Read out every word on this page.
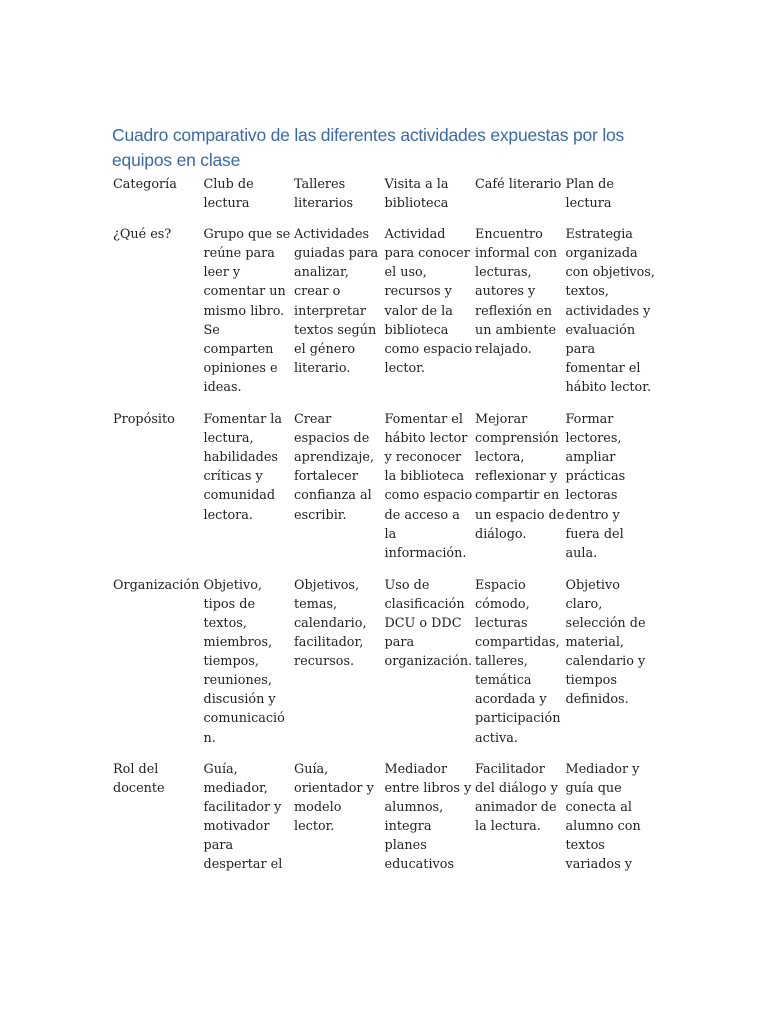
Cuadro comparativo de las diferentes actividades expuestas por los equipos en clase
Categoría	Club de lectura	Talleres literarios	Visita a la biblioteca	Café literario	Plan de lectura
¿Qué es?	Grupo que se reúne para leer y comentar un mismo libro. Se comparten opiniones e ideas.	Actividades guiadas para analizar, crear o interpretar textos según el género literario.	Actividad para conocer el uso, recursos y valor de la biblioteca como espacio lector.	Encuentro informal con lecturas, autores y reflexión en un ambiente relajado.	Estrategia organizada con objetivos, textos, actividades y evaluación para fomentar el hábito lector.
Propósito	Fomentar la lectura, habilidades críticas y comunidad lectora.	Crear espacios de aprendizaje, fortalecer confianza al escribir.	Fomentar el hábito lector y reconocer la biblioteca como espacio de acceso a la información.	Mejorar comprensión lectora, reflexionar y compartir en un espacio de diálogo.	Formar lectores, ampliar prácticas lectoras dentro y fuera del aula.
Organización	Objetivo, tipos de textos, miembros, tiempos, reuniones, discusión y comunicación.	Objetivos, temas, calendario, facilitador, recursos.	Uso de clasificación DCU o DDC para organización.	Espacio cómodo, lecturas compartidas, talleres, temática acordada y participación activa.	Objetivo claro, selección de material, calendario y tiempos definidos.
Rol del docente	Guía, mediador, facilitador y motivador para despertar el	Guía, orientador y modelo lector.	Mediador entre libros y alumnos, integra planes educativos	Facilitador del diálogo y animador de la lectura.	Mediador y guía que conecta al alumno con textos variados y
